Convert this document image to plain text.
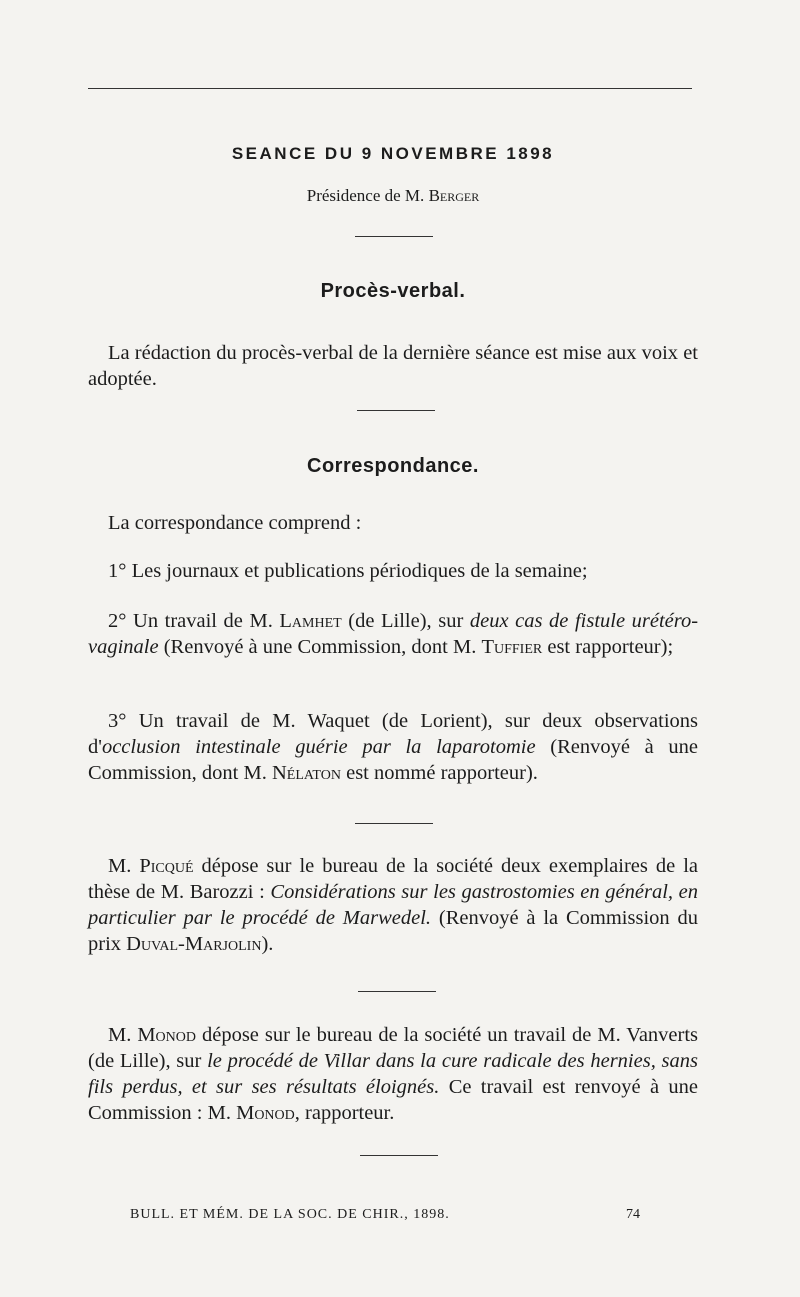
SEANCE DU 9 NOVEMBRE 1898
Présidence de M. Berger
Procès-verbal.
La rédaction du procès-verbal de la dernière séance est mise aux voix et adoptée.
Correspondance.
La correspondance comprend :
1° Les journaux et publications périodiques de la semaine;
2° Un travail de M. Lamhet (de Lille), sur deux cas de fistule urétéro-vaginale (Renvoyé à une Commission, dont M. Tuffier est rapporteur);
3° Un travail de M. Waquet (de Lorient), sur deux observations d'occlusion intestinale guérie par la laparotomie (Renvoyé à une Commission, dont M. Nélaton est nommé rapporteur).
M. Picqué dépose sur le bureau de la société deux exemplaires de la thèse de M. Barozzi : Considérations sur les gastrostomies en général, en particulier par le procédé de Marwedel. (Renvoyé à la Commission du prix Duval-Marjolin).
M. Monod dépose sur le bureau de la société un travail de M. Vanverts (de Lille), sur le procédé de Villar dans la cure radicale des hernies, sans fils perdus, et sur ses résultats éloignés. Ce travail est renvoyé à une Commission : M. Monod, rapporteur.
BULL. ET MÉM. DE LA SOC. DE CHIR., 1898.	74
